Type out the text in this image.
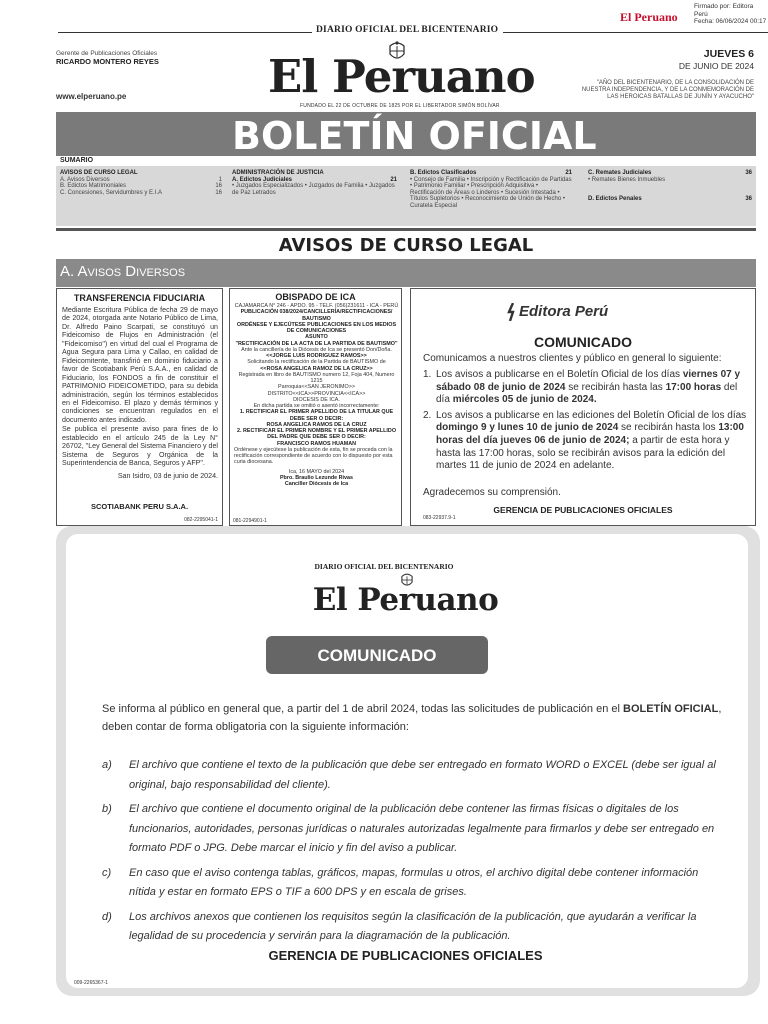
El Peruano
Firmado por: Editora
Perú
Fecha: 06/06/2024 00:17
DIARIO OFICIAL DEL BICENTENARIO
Gerente de Publicaciones Oficiales
RICARDO MONTERO REYES
www.elperuano.pe	El Peruano
FUNDADO EL 22 DE OCTUBRE DE 1825 POR EL LIBERTADOR SIMÓN BOLÍVAR
JUEVES 6
DE JUNIO DE 2024
"AÑO DEL BICENTENARIO, DE LA CONSOLIDACIÓN DE NUESTRA INDEPENDENCIA, Y DE LA CONMEMORACIÓN DE LAS HEROICAS BATALLAS DE JUNÍN Y AYACUCHO"
BOLETÍN OFICIAL
SUMARIO
AVISOS DE CURSO LEGAL
A. Avisos Diversos	1
B. Edictos Matrimoniales	16
C. Concesiones, Servidumbres y E.I.A	16
ADMINISTRACIÓN DE JUSTICIA
A. Edictos Judiciales	21
• Juzgados Especializados • Juzgados de Familia • Juzgados de Paz Letrados
B. Edictos Clasificados	21
• Consejo de Familia • Inscripción y Rectificación de Partidas • Patrimonio Familiar • Prescripción Adquisitiva • Rectificación de Áreas o Linderos • Sucesión Intestada • Títulos Supletorios • Reconocimiento de Unión de Hecho • Curatela Especial
C. Remates Judiciales	36
• Remates Bienes Inmuebles
D. Edictos Penales	36
AVISOS DE CURSO LEGAL
A. Avisos Diversos
TRANSFERENCIA FIDUCIARIA

Mediante Escritura Pública de fecha 29 de mayo de 2024, otorgada ante Notario Público de Lima, Dr. Alfredo Paino Scarpati, se constituyó un Fideicomiso de Flujos en Administración (el "Fideicomiso") en virtud del cual el Programa de Agua Segura para Lima y Callao, en calidad de Fideicomitente, transfirió en dominio fiduciario a favor de Scotiabank Perú S.A.A., en calidad de Fiduciario, los FONDOS a fin de constituir el PATRIMONIO FIDEICOMETIDO, para su debida administración, según los términos establecidos en el Fideicomiso. El plazo y demás términos y condiciones se encuentran regulados en el documento antes indicado.

Se publica el presente aviso para fines de lo establecido en el artículo 245 de la Ley N° 26702, "Ley General del Sistema Financiero y del Sistema de Seguros y Orgánica de la Superintendencia de Banca, Seguros y AFP".

San Isidro, 03 de junio de 2024.

SCOTIABANK PERU S.A.A.
082-2295041-1
OBISPADO DE ICA
CAJAMARCA N° 246 - APDO. 95 - TELF. (056)231611 - ICA - PERÚ
PUBLICACIÓN 038/2024/CANCILLERÍA/RECTIFICACIONES/ BAUTISMO
ORDÉNESE Y EJECÚTESE PUBLICACIONES EN LOS MEDIOS DE COMUNICACIONES
ASUNTO
"RECTIFICACIÓN DE LA ACTA DE LA PARTIDA DE BAUTISMO"
Ante la cancillería de la Diócesis de Ica se presentó Don/Doña.
<<JORGE LUIS RODRIGUEZ RAMOS>>
Solicitando la rectificación de la Partida de BAUTISMO de
<<ROSA ANGELICA RAMOZ DE LA CRUZ>>
Registrada en libro de BAUTISMO numero 12, Foja 404, Numero 1215
Parroquia<<SAN JERONIMO>>
DISTRITO<<ICA>>PROVINCIA<<ICA>>
DIOCESIS DE ICA.
En dicha partida se omitió o asentó incorrectamente:
1. RECTIFICAR EL PRIMER APELLIDO DE LA TITULAR QUE DEBE SER O DECIR:
ROSA ANGELICA RAMOS DE LA CRUZ
2. RECTIFICAR EL PRIMER NOMBRE Y EL PRIMER APELLIDO DEL PADRE QUE DEBE SER O DECIR:
FRANCISCO RAMOS HUAMAN
Ordénese y ejecútese la publicación de esta, fin se proceda con la rectificación correspondiente de acuerdo con lo dispuesto por esta curia diocesana.
Ica, 16 MAYO del 2024
Pbro. Braulio Lezunde Rivas
Canciller Diócesis de Ica
081-2294901-1
Editora Perú
COMUNICADO
Comunicamos a nuestros clientes y público en general lo siguiente:
1. Los avisos a publicarse en el Boletín Oficial de los días viernes 07 y sábado 08 de junio de 2024 se recibirán hasta las 17:00 horas del día miércoles 05 de junio de 2024.
2. Los avisos a publicarse en las ediciones del Boletín Oficial de los días domingo 9 y lunes 10 de junio de 2024 se recibirán hasta los 13:00 horas del día jueves 06 de junio de 2024; a partir de esta hora y hasta las 17:00 horas, solo se recibirán avisos para la edición del martes 11 de junio de 2024 en adelante.
Agradecemos su comprensión.
GERENCIA DE PUBLICACIONES OFICIALES
083-22937.9-1
DIARIO OFICIAL DEL BICENTENARIO
El Peruano
COMUNICADO
Se informa al público en general que, a partir del 1 de abril 2024, todas las solicitudes de publicación en el BOLETÍN OFICIAL, deben contar de forma obligatoria con la siguiente información:
a) El archivo que contiene el texto de la publicación que debe ser entregado en formato WORD o EXCEL (debe ser igual al original, bajo responsabilidad del cliente).
b) El archivo que contiene el documento original de la publicación debe contener las firmas físicas o digitales de los funcionarios, autoridades, personas jurídicas o naturales autorizadas legalmente para firmarlos y debe ser entregado en formato PDF o JPG. Debe marcar el inicio y fin del aviso a publicar.
c) En caso que el aviso contenga tablas, gráficos, mapas, formulas u otros, el archivo digital debe contener información nítida y estar en formato EPS o TIF a 600 DPS y en escala de grises.
d) Los archivos anexos que contienen los requisitos según la clasificación de la publicación, que ayudarán a verificar la legalidad de su procedencia y servirán para la diagramación de la publicación.
GERENCIA DE PUBLICACIONES OFICIALES
009-2265367-1
